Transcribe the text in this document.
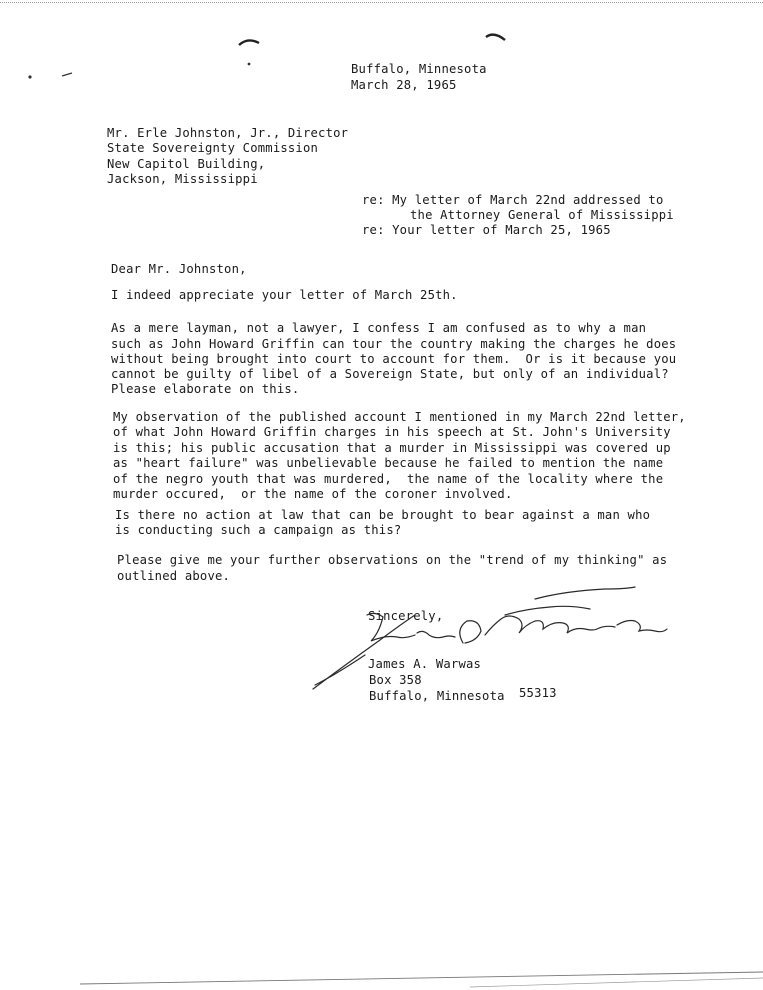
Buffalo, Minnesota
March 28, 1965
Mr. Erle Johnston, Jr., Director
State Sovereignty Commission
New Capitol Building,
Jackson, Mississippi
re: My letter of March 22nd addressed to
the Attorney General of Mississippi
re: Your letter of March 25, 1965
Dear Mr. Johnston,
I indeed appreciate your letter of March 25th.
As a mere layman, not a lawyer, I confess I am confused as to why a man
such as John Howard Griffin can tour the country making the charges he does
without being brought into court to account for them.  Or is it because you
cannot be guilty of libel of a Sovereign State, but only of an individual?
Please elaborate on this.
My observation of the published account I mentioned in my March 22nd letter,
of what John Howard Griffin charges in his speech at St. John's University
is this; his public accusation that a murder in Mississippi was covered up
as "heart failure" was unbelievable because he failed to mention the name
of the negro youth that was murdered,  the name of the locality where the
murder occured,  or the name of the coroner involved.
Is there no action at law that can be brought to bear against a man who
is conducting such a campaign as this?
Please give me your further observations on the "trend of my thinking" as
outlined above.
Sincerely,
James A. Warwas
Box 358
Buffalo, Minnesota 55313
